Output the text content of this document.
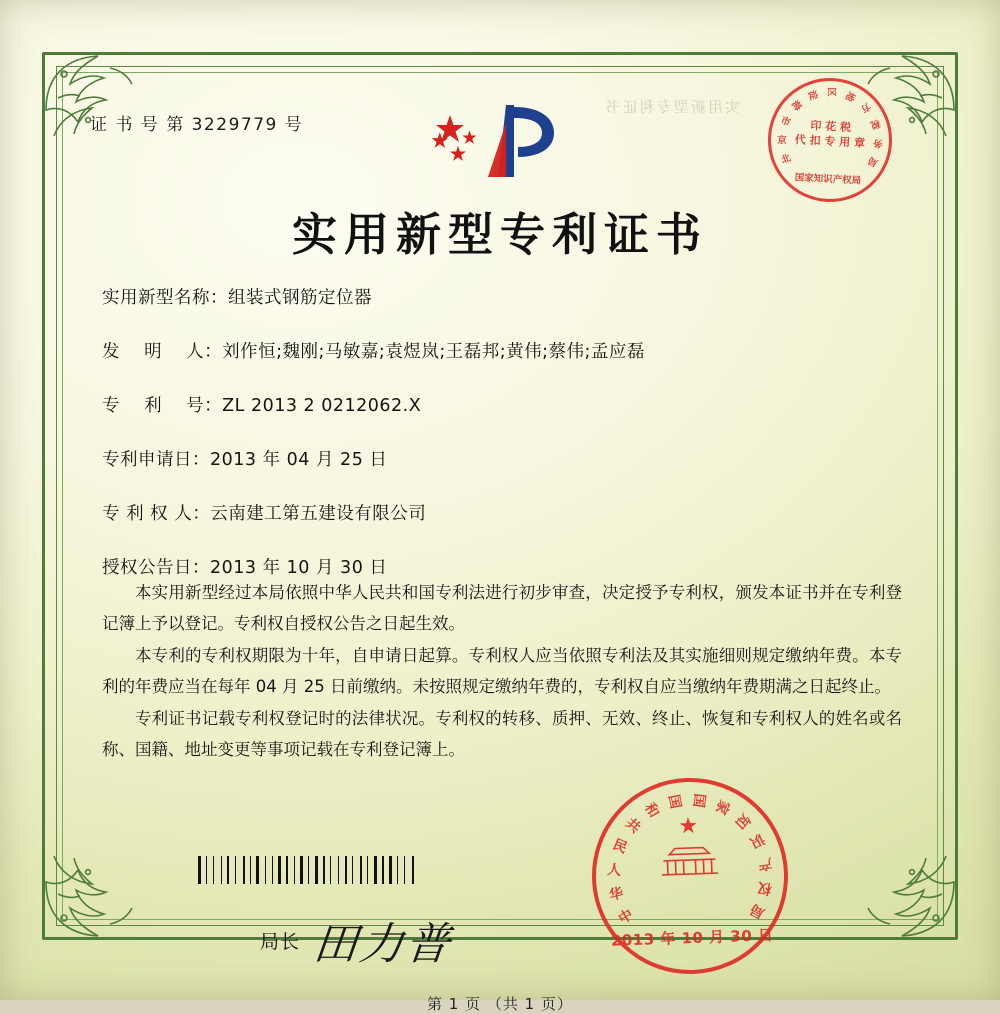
实用新型专利证书
证 书 号 第 3229779 号
实用新型专利证书
实用新型名称：组装式钢筋定位器
发　 明　 人：刘作恒;魏刚;马敏嘉;袁煜岚;王磊邦;黄伟;蔡伟;孟应磊
专　 利　 号：ZL 2013 2 0212062.X
专利申请日：2013 年 04 月 25 日
专 利 权 人：云南建工第五建设有限公司
授权公告日：2013 年 10 月 30 日

本实用新型经过本局依照中华人民共和国专利法进行初步审查，决定授予专利权，颁发本证书并在专利登记簿上予以登记。专利权自授权公告之日起生效。

本专利的专利权期限为十年，自申请日起算。专利权人应当依照专利法及其实施细则规定缴纳年费。本专利的年费应当在每年 04 月 25 日前缴纳。未按照规定缴纳年费的，专利权自应当缴纳年费期满之日起终止。

专利证书记载专利权登记时的法律状况。专利权的转移、质押、无效、终止、恢复和专利权人的姓名或名称、国籍、地址变更等事项记载在专利登记簿上。

局长 田力普
第 1 页 （共 1 页）
中
华
人
民
共
和 国 国 家
知
识
产
权
局
★
2013 年 10 月 30 日
北
京
市
海
淀 区 地
方
税
务
局
印 花 税
代 扣 专 用 章
国家知识产权局
